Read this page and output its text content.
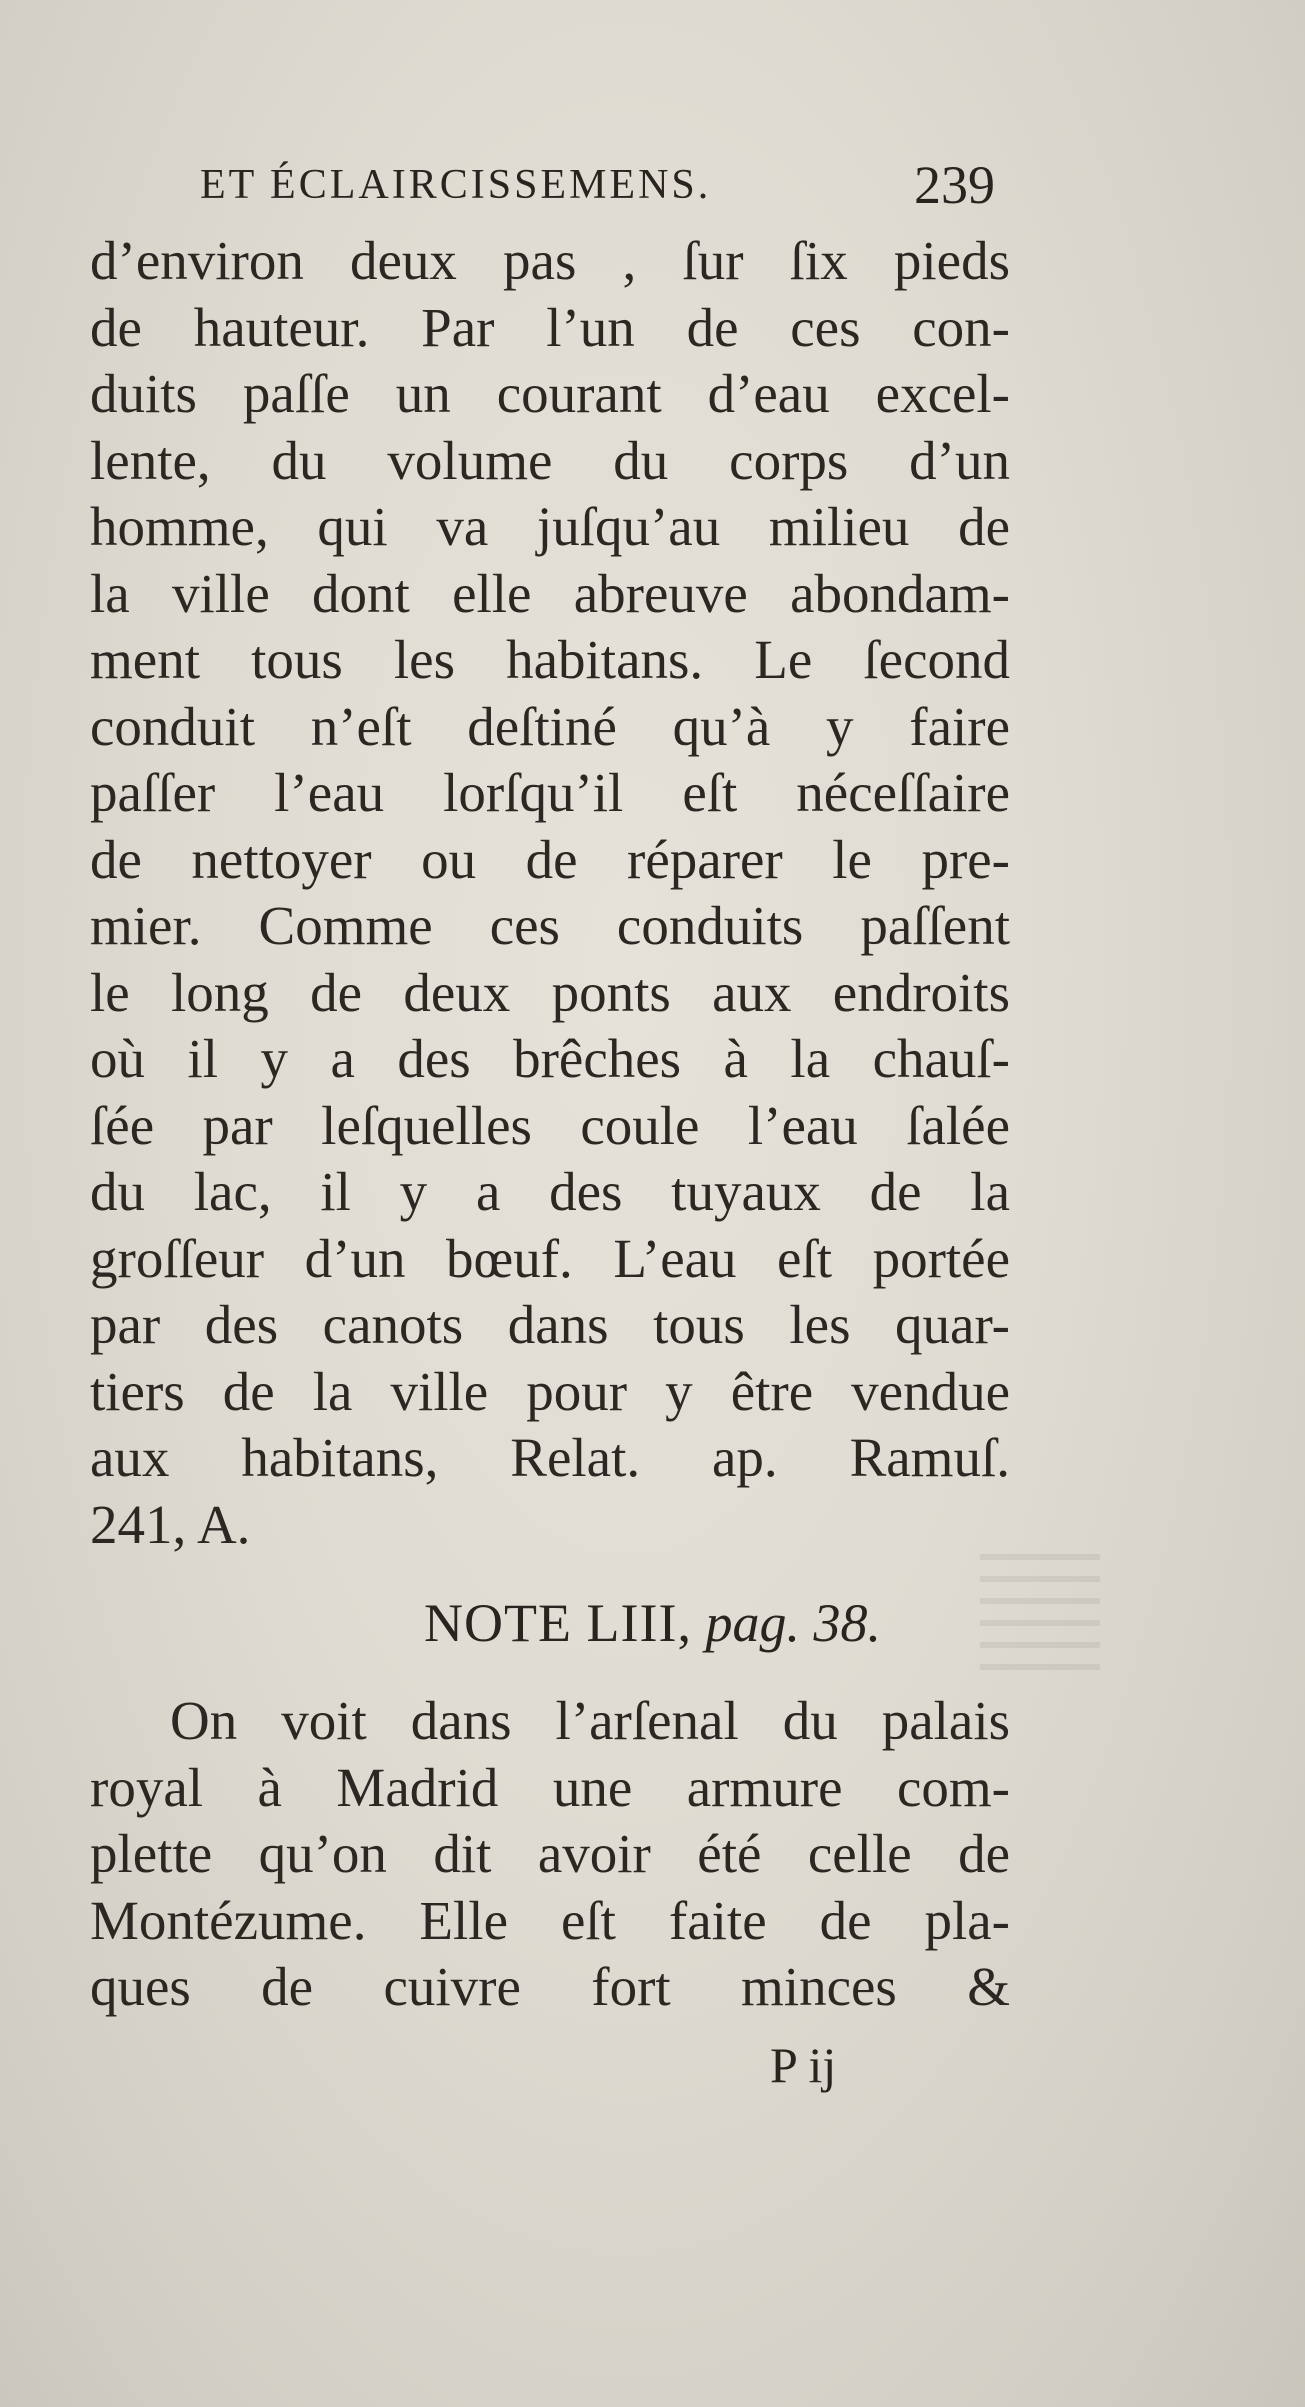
ET ÉCLAIRCISSEMENS.	239
d’environ deux pas , ſur ſix pieds
de hauteur. Par l’un de ces con-
duits paſſe un courant d’eau excel-
lente, du volume du corps d’un
homme, qui va juſqu’au milieu de
la ville dont elle abreuve abondam-
ment tous les habitans. Le ſecond
conduit n’eſt deſtiné qu’à y faire
paſſer l’eau lorſqu’il eſt néceſſaire
de nettoyer ou de réparer le pre-
mier. Comme ces conduits paſſent
le long de deux ponts aux endroits
où il y a des brêches à la chauſ-
ſée par leſquelles coule l’eau ſalée
du lac, il y a des tuyaux de la
groſſeur d’un bœuf. L’eau eſt portée
par des canots dans tous les quar-
tiers de la ville pour y être vendue
aux habitans, Relat. ap. Ramuſ.
241, A.
NOTE LIII, pag. 38.
On voit dans l’arſenal du palais
royal à Madrid une armure com-
plette qu’on dit avoir été celle de
Montézume. Elle eſt faite de pla-
ques de cuivre fort minces &
P ij
